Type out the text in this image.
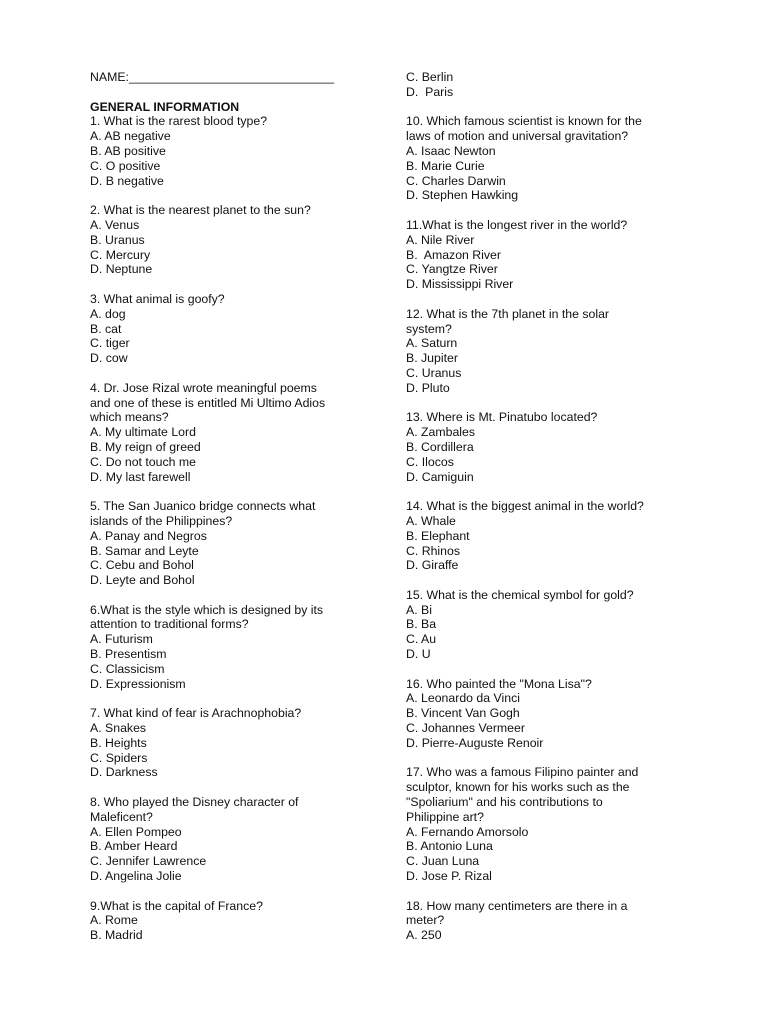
NAME:______________________________

GENERAL INFORMATION

1. What is the rarest blood type?
A. AB negative
B. AB positive
C. O positive
D. B negative
2. What is the nearest planet to the sun?
A. Venus
B. Uranus
C. Mercury
D. Neptune
3. What animal is goofy?
A. dog
B. cat
C. tiger
D. cow
4. Dr. Jose Rizal wrote meaningful poems
and one of these is entitled Mi Ultimo Adios
which means?
A. My ultimate Lord
B. My reign of greed
C. Do not touch me
D. My last farewell
5. The San Juanico bridge connects what
islands of the Philippines?
A. Panay and Negros
B. Samar and Leyte
C. Cebu and Bohol
D. Leyte and Bohol
6.What is the style which is designed by its
attention to traditional forms?
A. Futurism
B. Presentism
C. Classicism
D. Expressionism
7. What kind of fear is Arachnophobia?
A. Snakes
B. Heights
C. Spiders
D. Darkness
8. Who played the Disney character of
Maleficent?
A. Ellen Pompeo
B. Amber Heard
C. Jennifer Lawrence
D. Angelina Jolie
9.What is the capital of France?
A. Rome
B. Madrid
C. Berlin
D.  Paris
10. Which famous scientist is known for the
laws of motion and universal gravitation?
A. Isaac Newton
B. Marie Curie
C. Charles Darwin
D. Stephen Hawking
11.What is the longest river in the world?
A. Nile River
B.  Amazon River
C. Yangtze River
D. Mississippi River
12. What is the 7th planet in the solar
system?
A. Saturn
B. Jupiter
C. Uranus
D. Pluto
13. Where is Mt. Pinatubo located?
A. Zambales
B. Cordillera
C. Ilocos
D. Camiguin
14. What is the biggest animal in the world?
A. Whale
B. Elephant
C. Rhinos
D. Giraffe
15. What is the chemical symbol for gold?
A. Bi
B. Ba
C. Au
D. U
16. Who painted the "Mona Lisa"?
A. Leonardo da Vinci
B. Vincent Van Gogh
C. Johannes Vermeer
D. Pierre-Auguste Renoir
17. Who was a famous Filipino painter and
sculptor, known for his works such as the
"Spoliarium" and his contributions to
Philippine art?
A. Fernando Amorsolo
B. Antonio Luna
C. Juan Luna
D. Jose P. Rizal
18. How many centimeters are there in a
meter?
A. 250
